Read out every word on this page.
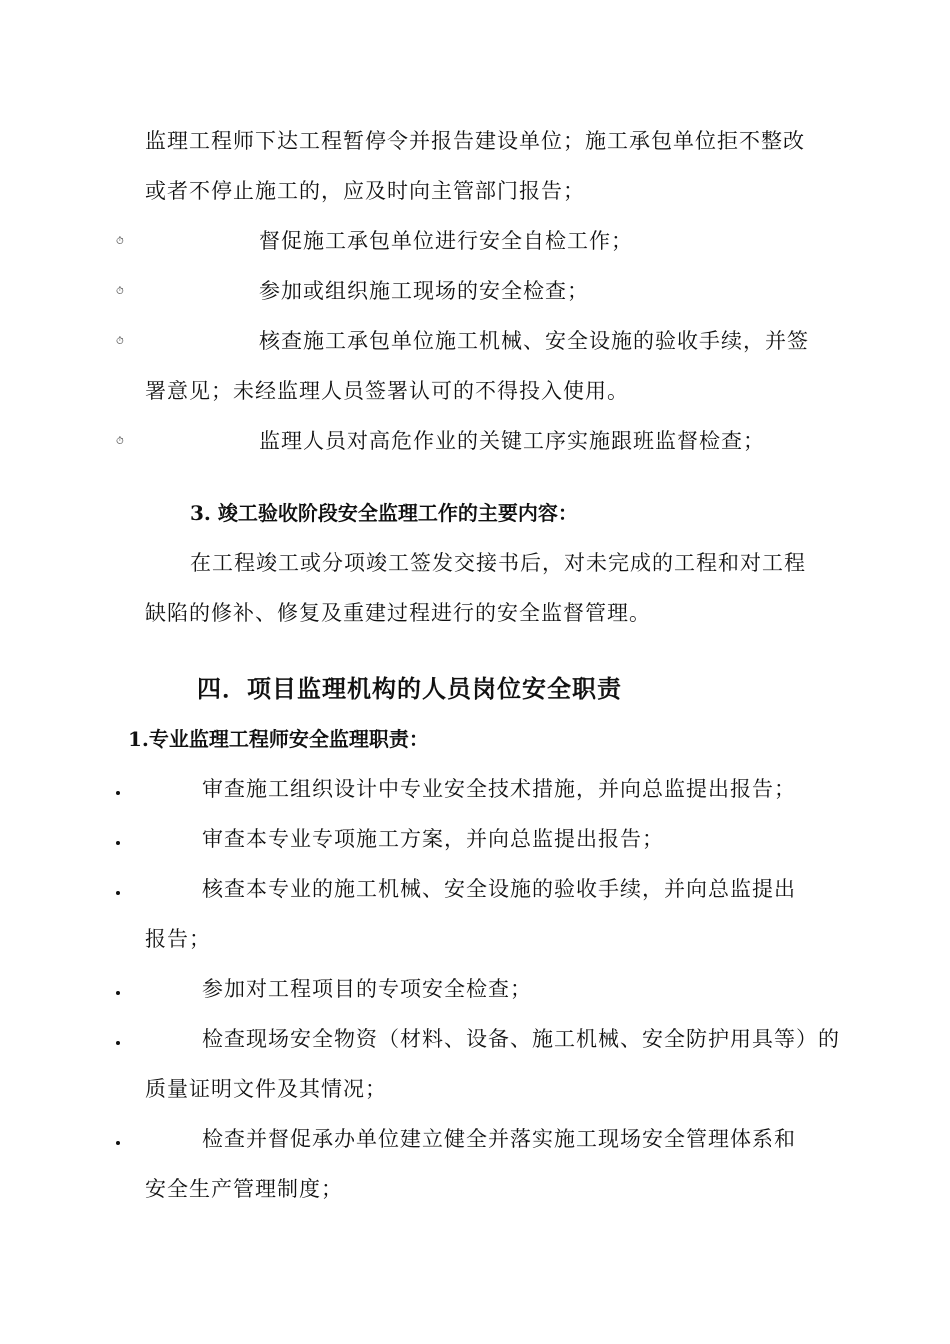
监理工程师下达工程暂停令并报告建设单位；施工承包单位拒不整改
或者不停止施工的，应及时向主管部门报告；
⏱	督促施工承包单位进行安全自检工作；
⏱	参加或组织施工现场的安全检查；
⏱	核查施工承包单位施工机械、安全设施的验收手续，并签
署意见；未经监理人员签署认可的不得投入使用。
⏱	监理人员对高危作业的关键工序实施跟班监督检查；
3. 竣工验收阶段安全监理工作的主要内容：
在工程竣工或分项竣工签发交接书后，对未完成的工程和对工程
缺陷的修补、修复及重建过程进行的安全监督管理。
四．项目监理机构的人员岗位安全职责
1.专业监理工程师安全监理职责：
审查施工组织设计中专业安全技术措施，并向总监提出报告；
审查本专业专项施工方案，并向总监提出报告；
核查本专业的施工机械、安全设施的验收手续，并向总监提出
报告；
参加对工程项目的专项安全检查；
检查现场安全物资（材料、设备、施工机械、安全防护用具等）的
质量证明文件及其情况；
检查并督促承办单位建立健全并落实施工现场安全管理体系和
安全生产管理制度；
